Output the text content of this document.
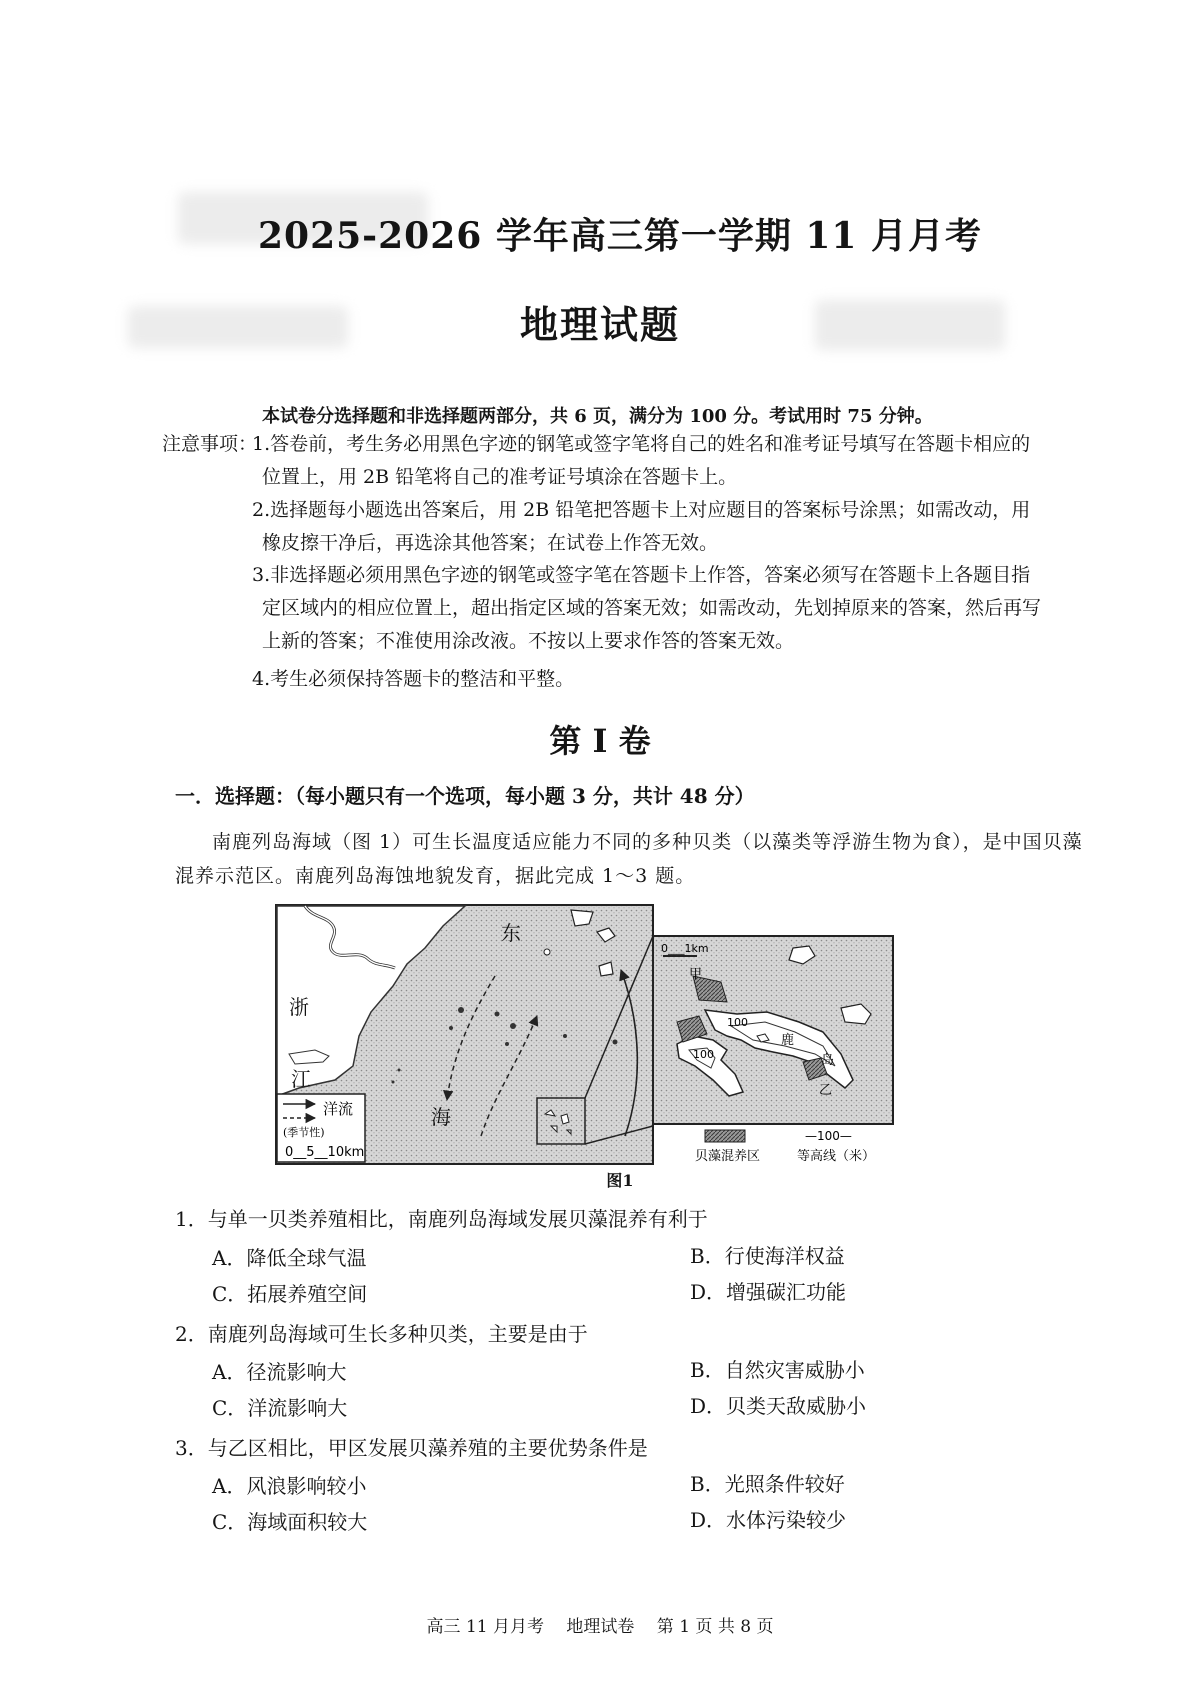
2025-2026 学年高三第一学期 11 月月考
地理试题
本试卷分选择题和非选择题两部分，共 6 页，满分为 100 分。考试用时 75 分钟。
注意事项：
1.答卷前，考生务必用黑色字迹的钢笔或签字笔将自己的姓名和准考证号填写在答题卡相应的
位置上，用 2B 铅笔将自己的准考证号填涂在答题卡上。
2.选择题每小题选出答案后，用 2B 铅笔把答题卡上对应题目的答案标号涂黑；如需改动，用
橡皮擦干净后，再选涂其他答案；在试卷上作答无效。
3.非选择题必须用黑色字迹的钢笔或签字笔在答题卡上作答，答案必须写在答题卡上各题目指
定区域内的相应位置上，超出指定区域的答案无效；如需改动，先划掉原来的答案，然后再写
上新的答案；不准使用涂改液。不按以上要求作答的答案无效。
4.考生必须保持答题卡的整洁和平整。
第 I 卷
一．选择题：（每小题只有一个选项，每小题 3 分，共计 48 分）
南鹿列岛海域（图 1）可生长温度适应能力不同的多种贝类（以藻类等浮游生物为食），是中国贝藻
混养示范区。南鹿列岛海蚀地貌发育，据此完成 1～3 题。
浙
江
东
海
洋流
(季节性)
0__5__10km
0___1km
甲
乙
100
100
鹿
岛
贝藻混养区
—100—
等高线（米）
图1
1．与单一贝类养殖相比，南鹿列岛海域发展贝藻混养有利于
A．降低全球气温	B．行使海洋权益
C．拓展养殖空间	D．增强碳汇功能
2．南鹿列岛海域可生长多种贝类，主要是由于
A．径流影响大	B．自然灾害威胁小
C．洋流影响大	D．贝类天敌威胁小
3．与乙区相比，甲区发展贝藻养殖的主要优势条件是
A．风浪影响较小	B．光照条件较好
C．海域面积较大	D．水体污染较少
高三 11 月月考　 地理试卷　 第 1 页 共 8 页
